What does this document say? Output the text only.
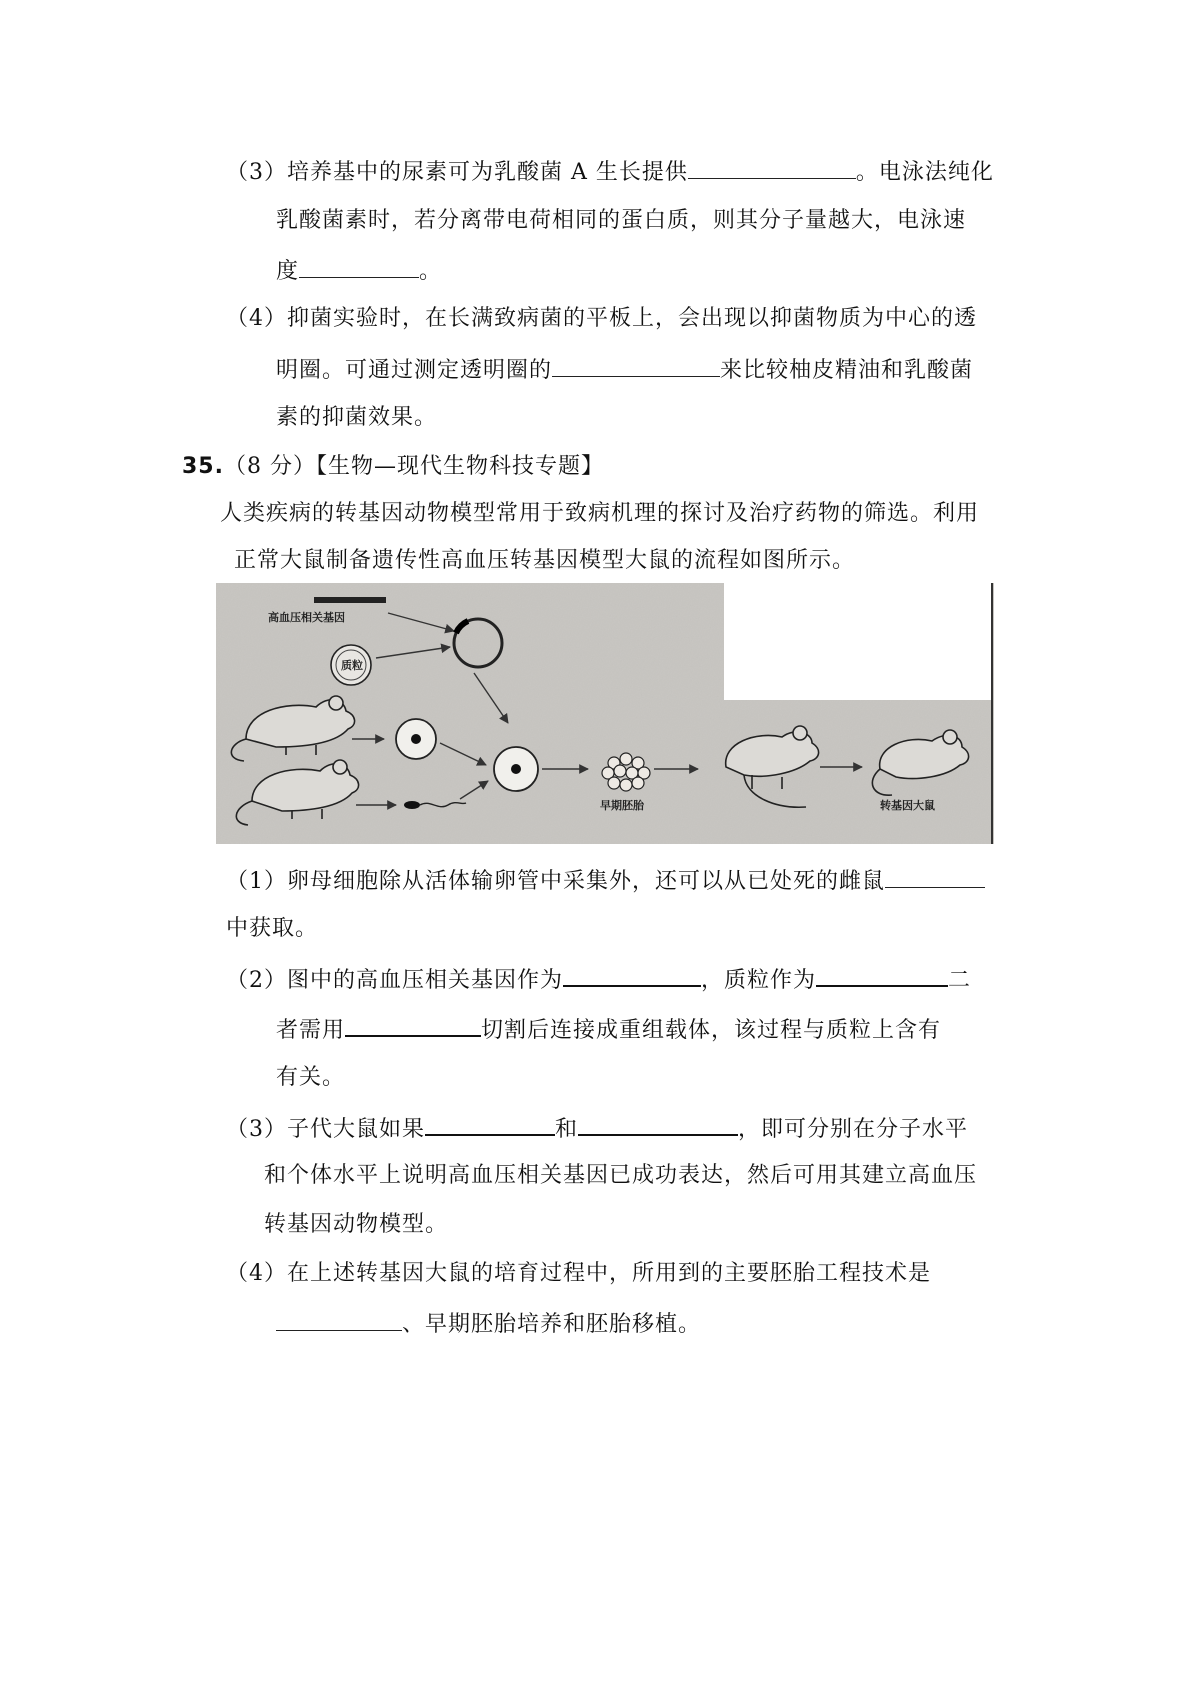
（3）培养基中的尿素可为乳酸菌 A 生长提供	。电泳法纯化
乳酸菌素时，若分离带电荷相同的蛋白质，则其分子量越大，电泳速
度	。
（4）抑菌实验时，在长满致病菌的平板上，会出现以抑菌物质为中心的透
明圈。可通过测定透明圈的	来比较柚皮精油和乳酸菌
素的抑菌效果。
35.（8 分）【生物—现代生物科技专题】
人类疾病的转基因动物模型常用于致病机理的探讨及治疗药物的筛选。利用
正常大鼠制备遗传性高血压转基因模型大鼠的流程如图所示。
高血压相关基因
质粒
早期胚胎	转基因大鼠
（1）卵母细胞除从活体输卵管中采集外，还可以从已处死的雌鼠
中获取。
（2）图中的高血压相关基因作为	，质粒作为	二
者需用	切割后连接成重组载体，该过程与质粒上含有
有关。
（3）子代大鼠如果	和	，即可分别在分子水平
和个体水平上说明高血压相关基因已成功表达，然后可用其建立高血压
转基因动物模型。
（4）在上述转基因大鼠的培育过程中，所用到的主要胚胎工程技术是
、早期胚胎培养和胚胎移植。
